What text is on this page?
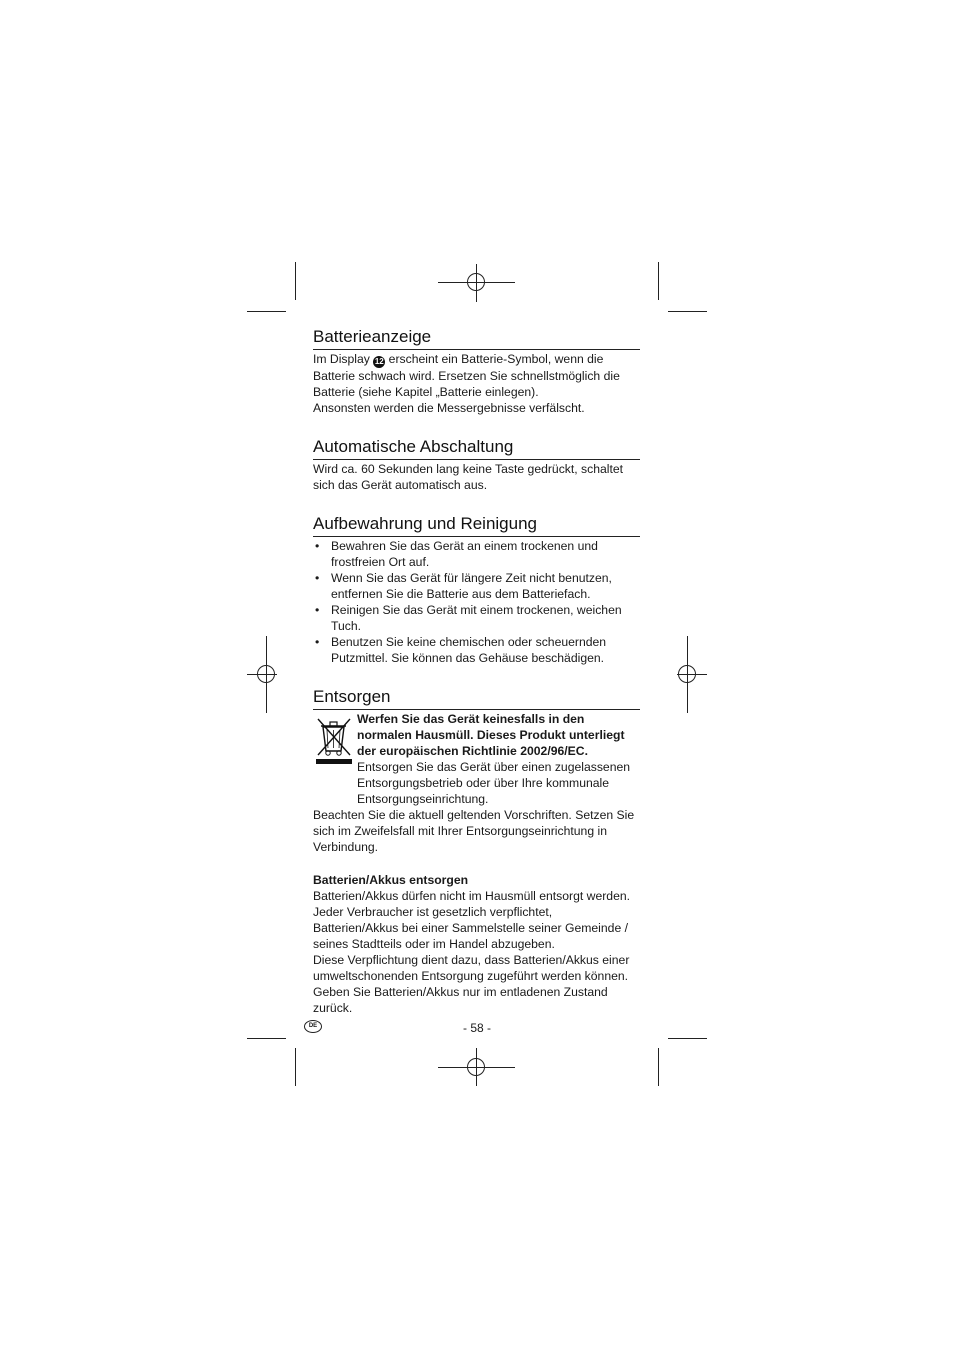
Batterieanzeige

Im Display 12 erscheint ein Batterie-Symbol, wenn die Batterie schwach wird. Ersetzen Sie schnellstmöglich die Batterie (siehe Kapitel „Batterie einlegen).

Ansonsten werden die Messergebnisse verfälscht.

Automatische Abschaltung

Wird ca. 60 Sekunden lang keine Taste gedrückt, schaltet sich das Gerät automatisch aus.

Aufbewahrung und Reinigung
• Bewahren Sie das Gerät an einem trockenen und frostfreien Ort auf.
• Wenn Sie das Gerät für längere Zeit nicht benutzen, entfernen Sie die Batterie aus dem Batteriefach.
• Reinigen Sie das Gerät mit einem trockenen, weichen Tuch.
• Benutzen Sie keine chemischen oder scheuernden Putzmittel. Sie können das Gehäuse beschädigen.
Entsorgen

Werfen Sie das Gerät keinesfalls in den normalen Hausmüll. Dieses Produkt unterliegt der europäischen Richtlinie 2002/96/EC.

Entsorgen Sie das Gerät über einen zugelassenen Entsorgungsbetrieb oder über Ihre kommunale Entsorgungseinrichtung.

Beachten Sie die aktuell geltenden Vorschriften. Setzen Sie sich im Zweifelsfall mit Ihrer Entsorgungseinrichtung in Verbindung.

Batterien/Akkus entsorgen

Batterien/Akkus dürfen nicht im Hausmüll entsorgt werden. Jeder Verbraucher ist gesetzlich verpflichtet, Batterien/Akkus bei einer Sammelstelle seiner Gemeinde / seines Stadtteils oder im Handel abzugeben.

Diese Verpflichtung dient dazu, dass Batterien/Akkus einer umweltschonenden Entsorgung zugeführt werden können. Geben Sie Batterien/Akkus nur im entladenen Zustand zurück.

DE	- 58 -
